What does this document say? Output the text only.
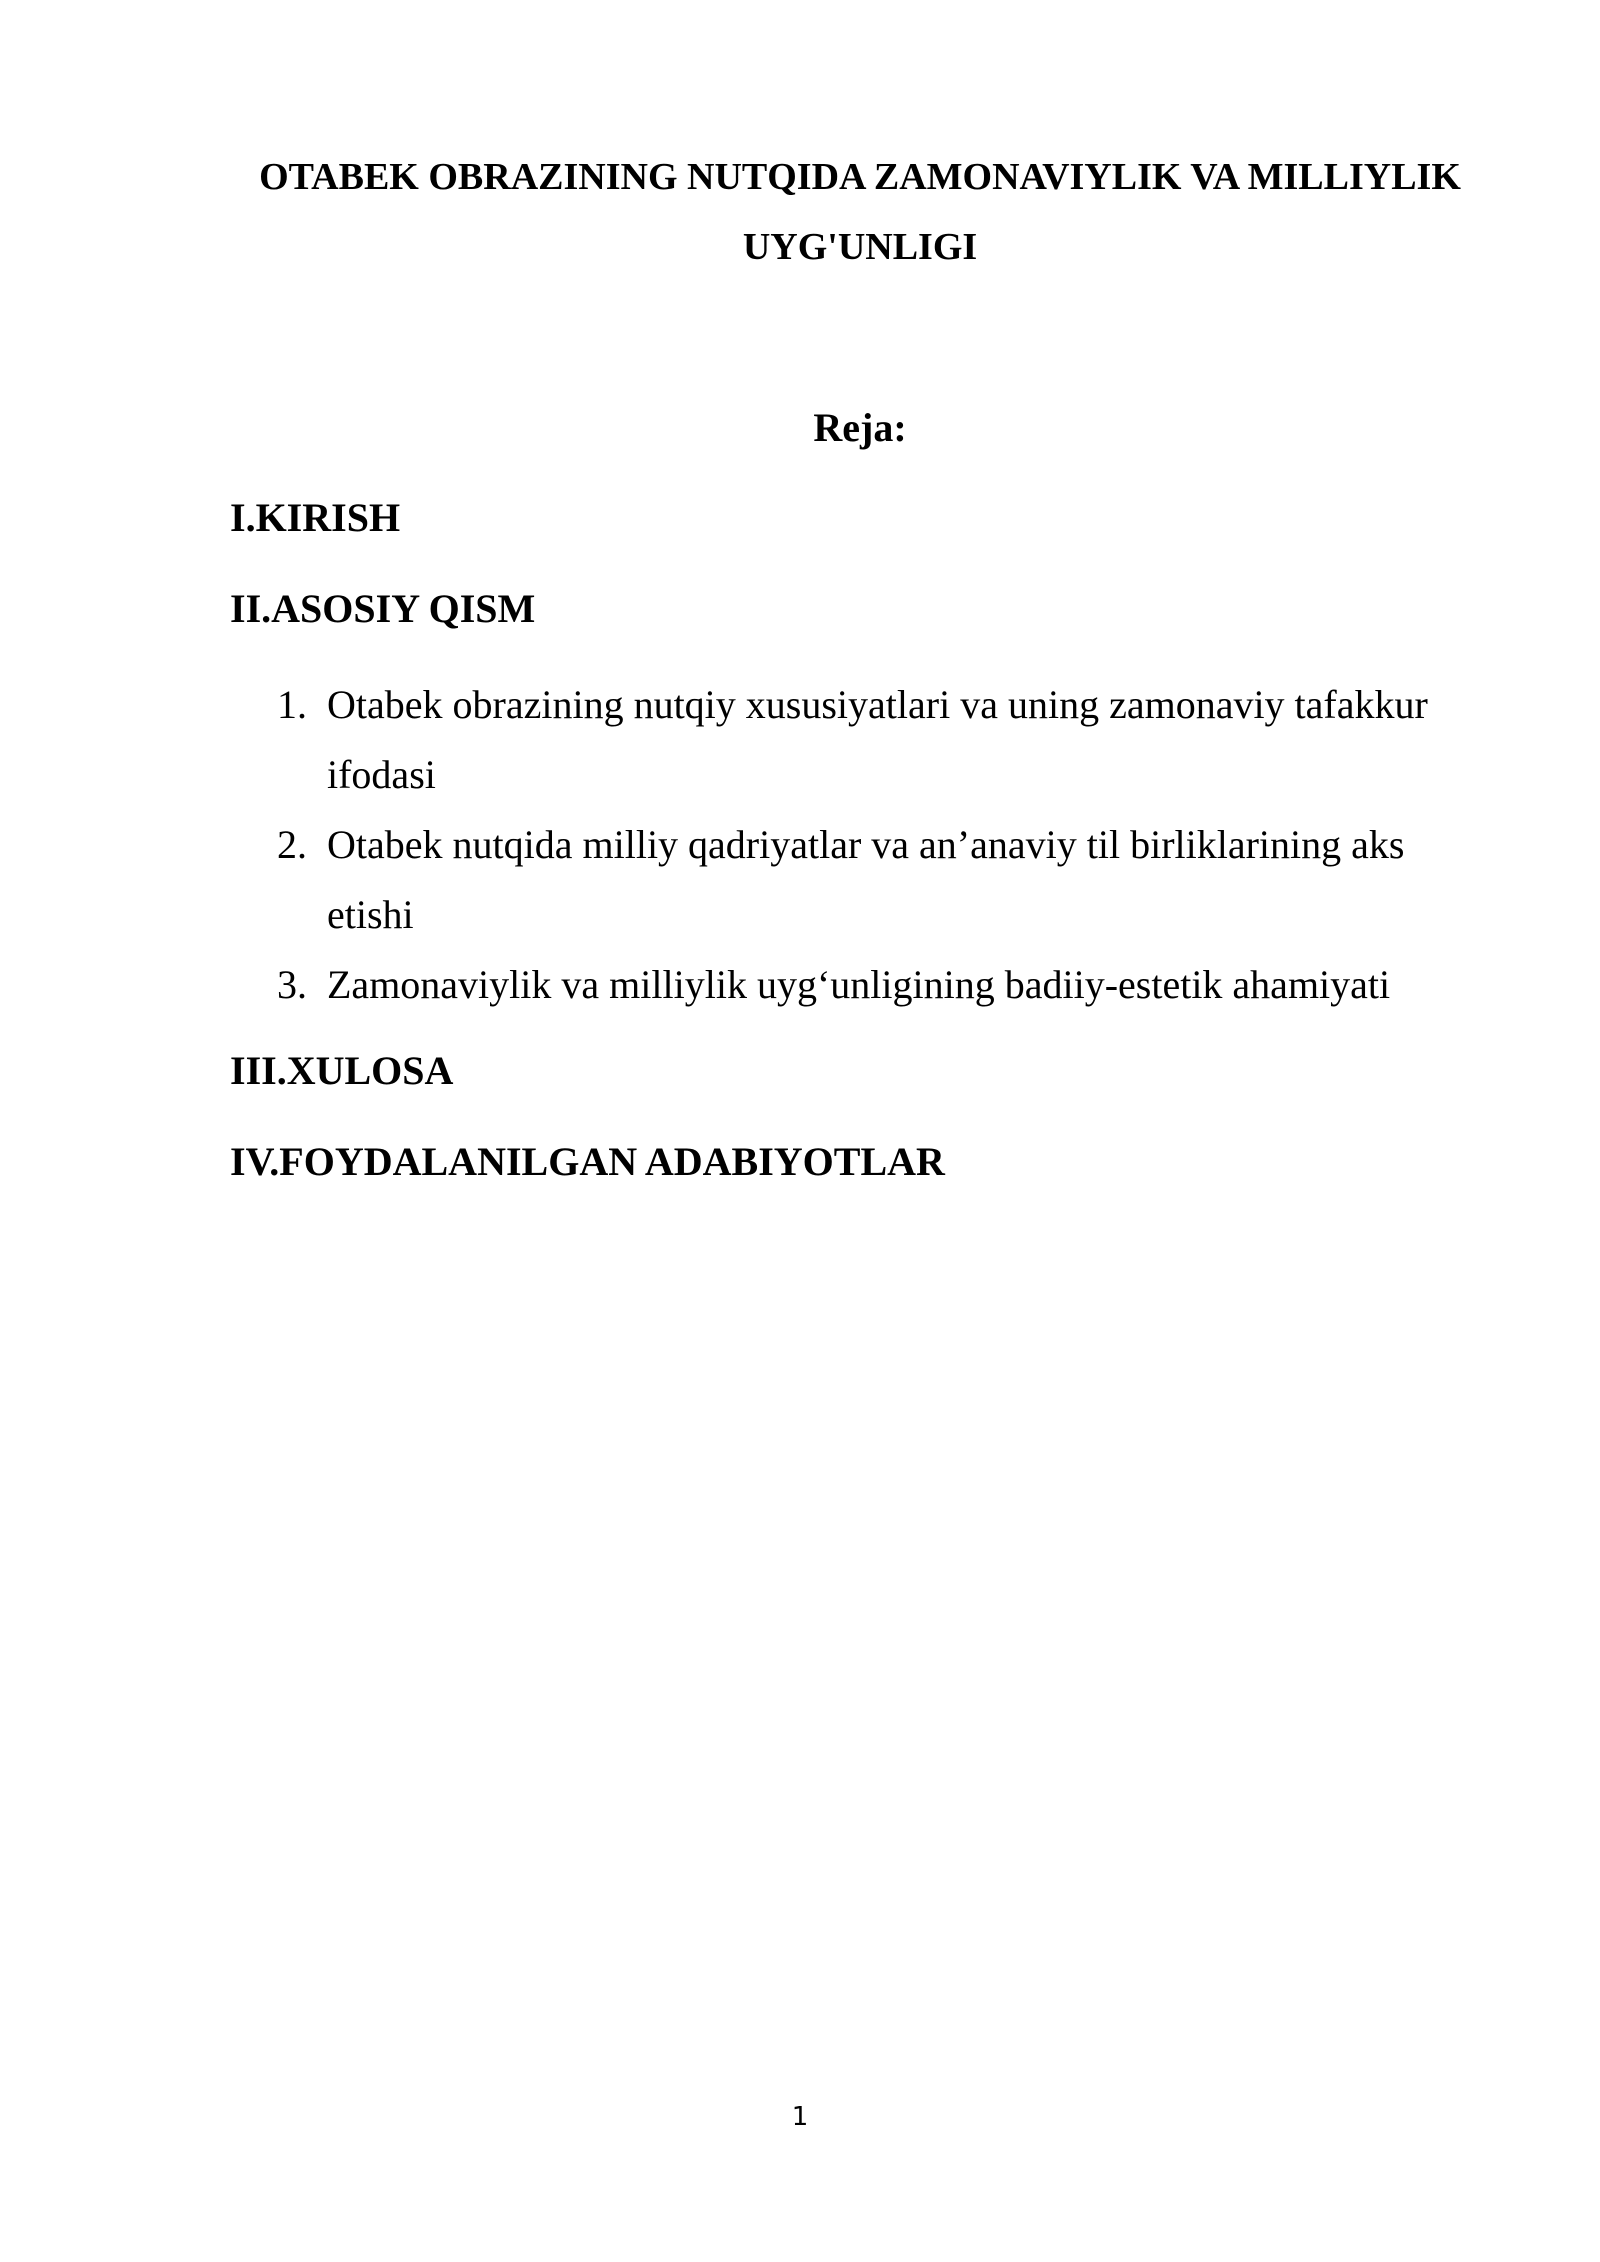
OTABEK OBRAZINING NUTQIDA ZAMONAVIYLIK VA MILLIYLIK UYG'UNLIGI
Reja:

I.KIRISH

II.ASOSIY QISM

1. Otabek obrazining nutqiy xususiyatlari va uning zamonaviy tafakkur ifodasi
2. Otabek nutqida milliy qadriyatlar va an’anaviy til birliklarining aks etishi
3. Zamonaviylik va milliylik uyg‘unligining badiiy-estetik ahamiyati

III.XULOSA

IV.FOYDALANILGAN ADABIYOTLAR

1
